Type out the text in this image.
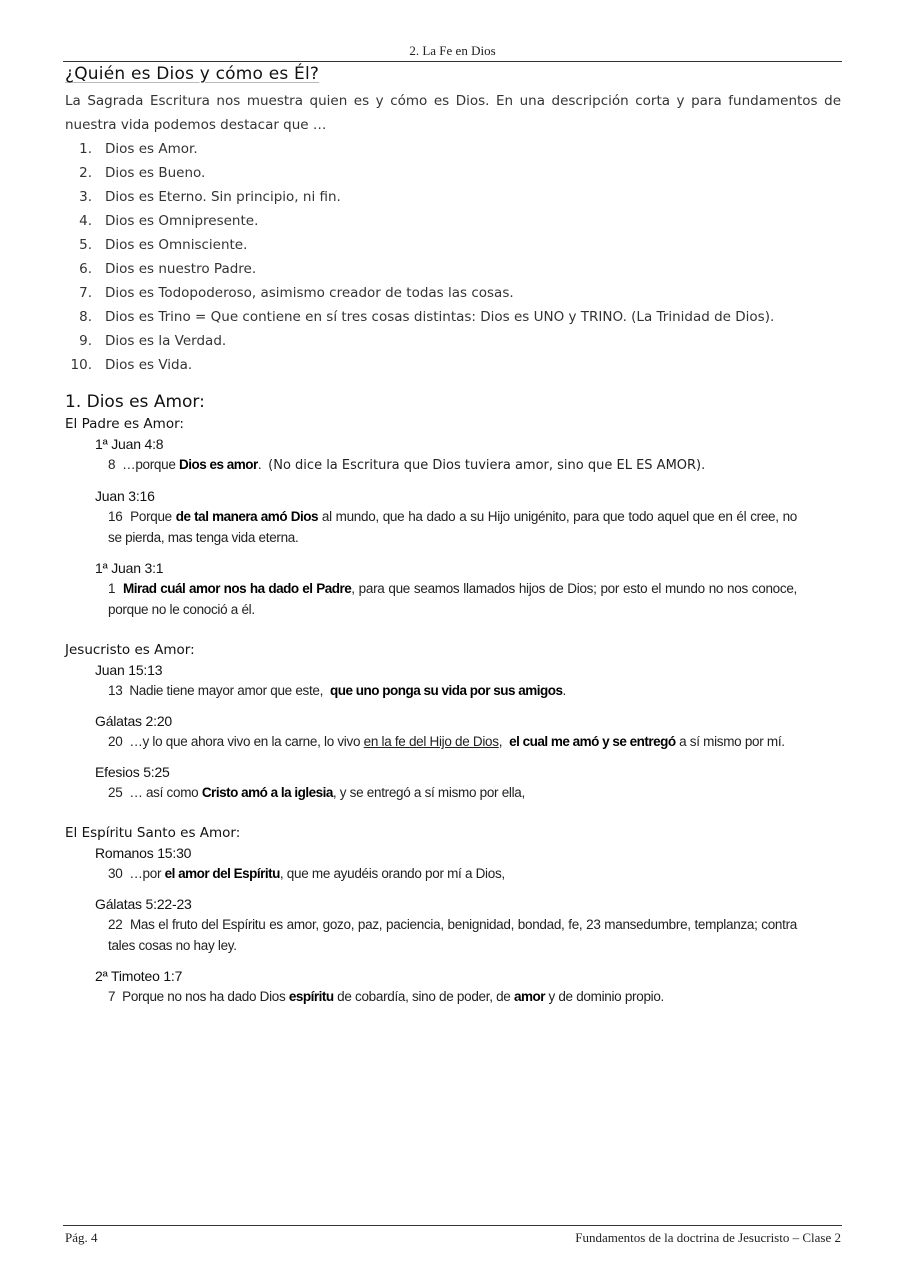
2. La Fe en Dios
¿Quién es Dios y cómo es Él?

La Sagrada Escritura nos muestra quien es y cómo es Dios. En una descripción corta y para fundamentos de nuestra vida podemos destacar que …

1. Dios es Amor.
2. Dios es Bueno.
3. Dios es Eterno. Sin principio, ni fin.
4. Dios es Omnipresente.
5. Dios es Omnisciente.
6. Dios es nuestro Padre.
7. Dios es Todopoderoso, asimismo creador de todas las cosas.
8. Dios es Trino = Que contiene en sí tres cosas distintas: Dios es UNO y TRINO. (La Trinidad de Dios).
9. Dios es la Verdad.
10. Dios es Vida.
1. Dios es Amor:
El Padre es Amor:
1ª Juan 4:8
8 …porque Dios es amor. (No dice la Escritura que Dios tuviera amor, sino que EL ES AMOR).
Juan 3:16
16 Porque de tal manera amó Dios al mundo, que ha dado a su Hijo unigénito, para que todo aquel que en él cree, no se pierda, mas tenga vida eterna.
1ª Juan 3:1
1 Mirad cuál amor nos ha dado el Padre, para que seamos llamados hijos de Dios; por esto el mundo no nos conoce, porque no le conoció a él.
Jesucristo es Amor:
Juan 15:13
13 Nadie tiene mayor amor que este, que uno ponga su vida por sus amigos.
Gálatas 2:20
20 …y lo que ahora vivo en la carne, lo vivo en la fe del Hijo de Dios, el cual me amó y se entregó a sí mismo por mí.
Efesios 5:25
25 … así como Cristo amó a la iglesia, y se entregó a sí mismo por ella,
El Espíritu Santo es Amor:
Romanos 15:30
30 …por el amor del Espíritu, que me ayudéis orando por mí a Dios,
Gálatas 5:22-23
22 Mas el fruto del Espíritu es amor, gozo, paz, paciencia, benignidad, bondad, fe, 23 mansedumbre, templanza; contra tales cosas no hay ley.
2ª Timoteo 1:7
7 Porque no nos ha dado Dios espíritu de cobardía, sino de poder, de amor y de dominio propio.
Pág. 4	Fundamentos de la doctrina de Jesucristo – Clase 2
